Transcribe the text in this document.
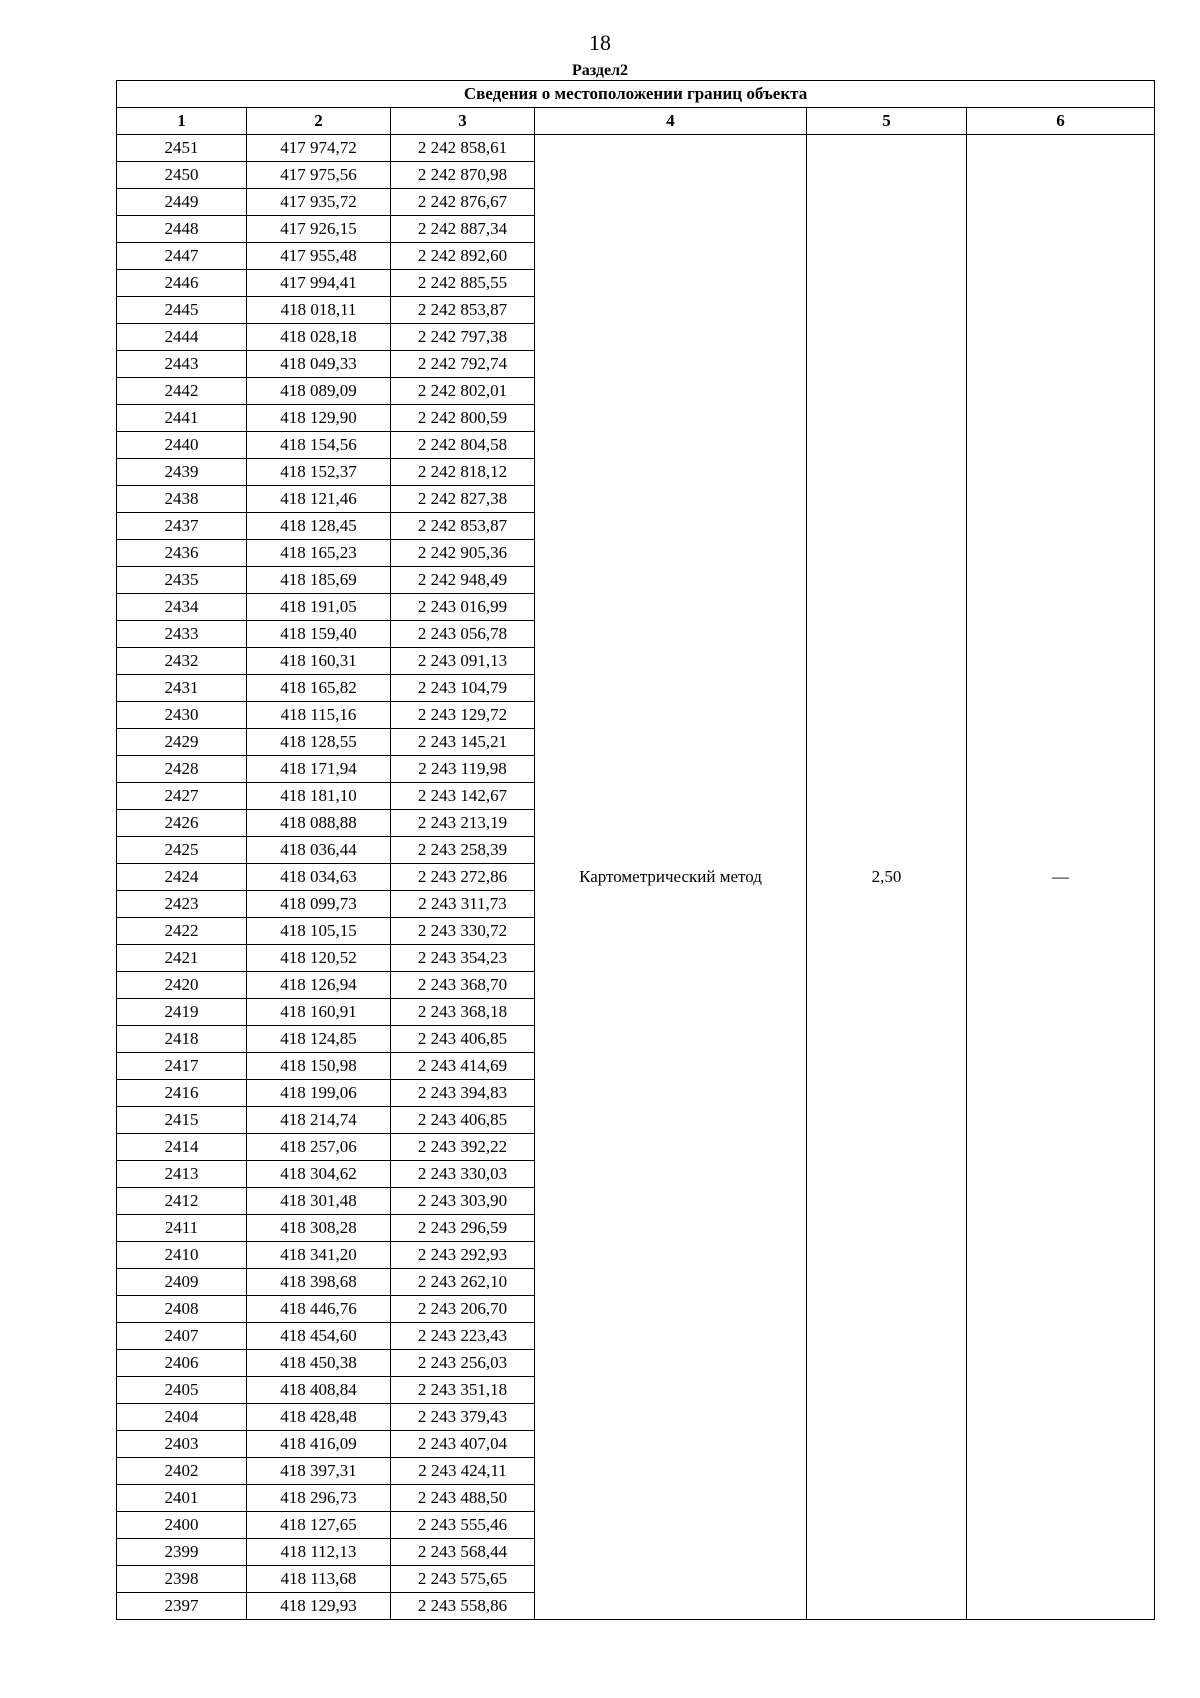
18
Раздел2
Сведения о местоположении границ объекта					
1	2	3	4	5	6
2451	417 974,72	2 242 858,61	Картометрический метод	2,50	—
2450	417 975,56	2 242 870,98			
2449	417 935,72	2 242 876,67			
2448	417 926,15	2 242 887,34			
2447	417 955,48	2 242 892,60			
2446	417 994,41	2 242 885,55			
2445	418 018,11	2 242 853,87			
2444	418 028,18	2 242 797,38			
2443	418 049,33	2 242 792,74			
2442	418 089,09	2 242 802,01			
2441	418 129,90	2 242 800,59			
2440	418 154,56	2 242 804,58			
2439	418 152,37	2 242 818,12			
2438	418 121,46	2 242 827,38			
2437	418 128,45	2 242 853,87			
2436	418 165,23	2 242 905,36			
2435	418 185,69	2 242 948,49			
2434	418 191,05	2 243 016,99			
2433	418 159,40	2 243 056,78			
2432	418 160,31	2 243 091,13			
2431	418 165,82	2 243 104,79			
2430	418 115,16	2 243 129,72			
2429	418 128,55	2 243 145,21			
2428	418 171,94	2 243 119,98			
2427	418 181,10	2 243 142,67			
2426	418 088,88	2 243 213,19			
2425	418 036,44	2 243 258,39			
2424	418 034,63	2 243 272,86			
2423	418 099,73	2 243 311,73			
2422	418 105,15	2 243 330,72			
2421	418 120,52	2 243 354,23			
2420	418 126,94	2 243 368,70			
2419	418 160,91	2 243 368,18			
2418	418 124,85	2 243 406,85			
2417	418 150,98	2 243 414,69			
2416	418 199,06	2 243 394,83			
2415	418 214,74	2 243 406,85			
2414	418 257,06	2 243 392,22			
2413	418 304,62	2 243 330,03			
2412	418 301,48	2 243 303,90			
2411	418 308,28	2 243 296,59			
2410	418 341,20	2 243 292,93			
2409	418 398,68	2 243 262,10			
2408	418 446,76	2 243 206,70			
2407	418 454,60	2 243 223,43			
2406	418 450,38	2 243 256,03			
2405	418 408,84	2 243 351,18			
2404	418 428,48	2 243 379,43			
2403	418 416,09	2 243 407,04			
2402	418 397,31	2 243 424,11			
2401	418 296,73	2 243 488,50			
2400	418 127,65	2 243 555,46			
2399	418 112,13	2 243 568,44			
2398	418 113,68	2 243 575,65			
2397	418 129,93	2 243 558,86			
